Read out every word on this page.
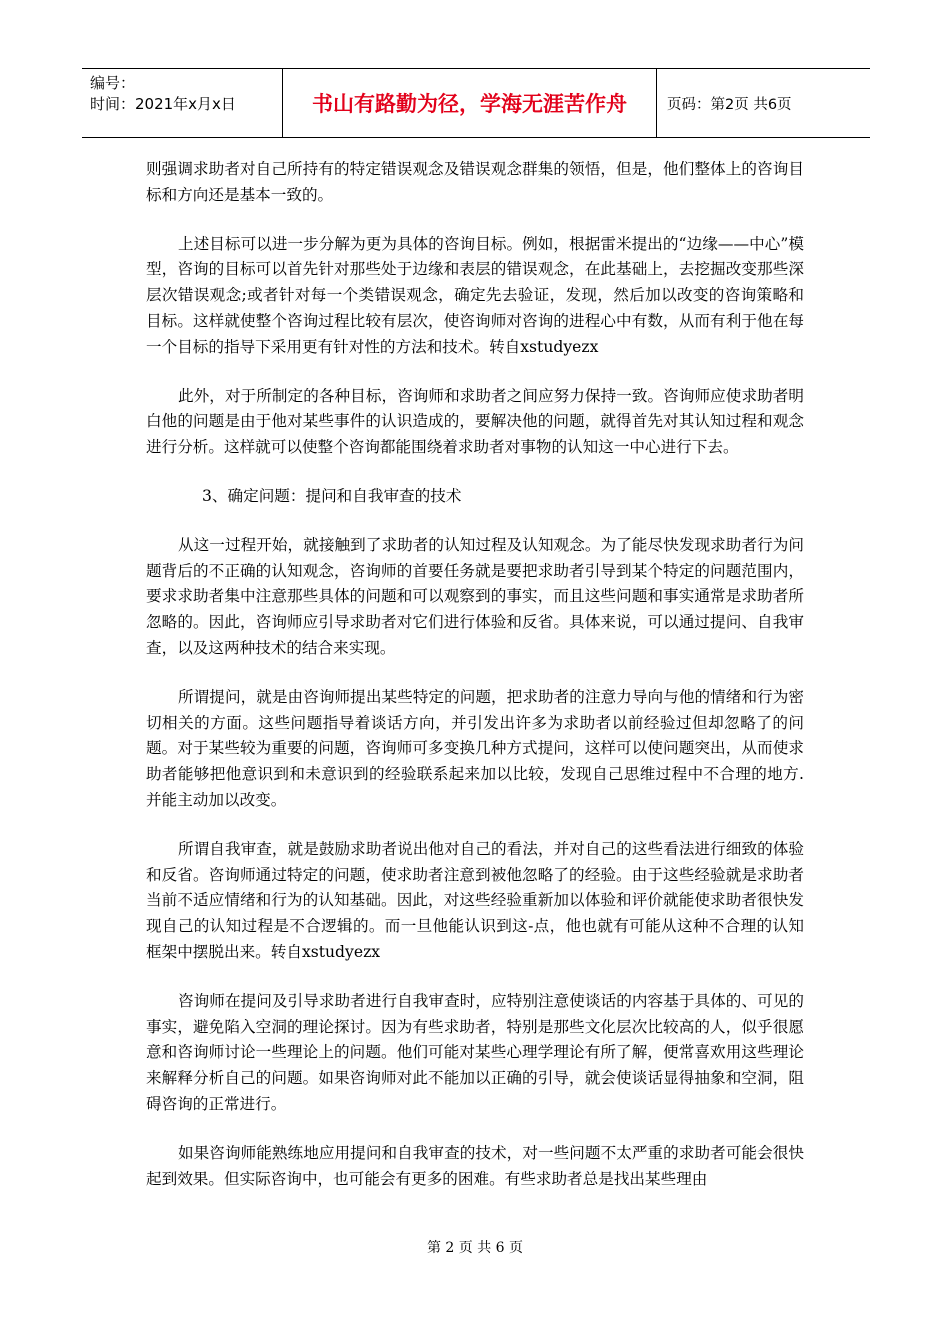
编号：
时间：2021年x月x日	书山有路勤为径，学海无涯苦作舟	页码：第2页 共6页

则强调求助者对自己所持有的特定错误观念及错误观念群集的领悟，但是，他们整体上的咨询目标和方向还是基本一致的。

上述目标可以进一步分解为更为具体的咨询目标。例如，根据雷米提出的“边缘——中心”模型，咨询的目标可以首先针对那些处于边缘和表层的错误观念，在此基础上，去挖掘改变那些深层次错误观念;或者针对每一个类错误观念，确定先去验证，发现，然后加以改变的咨询策略和目标。这样就使整个咨询过程比较有层次，使咨询师对咨询的进程心中有数，从而有利于他在每一个目标的指导下采用更有针对性的方法和技术。转自xstudyezx

此外，对于所制定的各种目标，咨询师和求助者之间应努力保持一致。咨询师应使求助者明白他的问题是由于他对某些事件的认识造成的，要解决他的问题，就得首先对其认知过程和观念进行分析。这样就可以使整个咨询都能围绕着求助者对事物的认知这一中心进行下去。

3、确定问题：提问和自我审查的技术

从这一过程开始，就接触到了求助者的认知过程及认知观念。为了能尽快发现求助者行为问题背后的不正确的认知观念，咨询师的首要任务就是要把求助者引导到某个特定的问题范围内，要求求助者集中注意那些具体的问题和可以观察到的事实，而且这些问题和事实通常是求助者所忽略的。因此，咨询师应引导求助者对它们进行体验和反省。具体来说，可以通过提问、自我审查，以及这两种技术的结合来实现。

所谓提问，就是由咨询师提出某些特定的问题，把求助者的注意力导向与他的情绪和行为密切相关的方面。这些问题指导着谈话方向，并引发出许多为求助者以前经验过但却忽略了的问题。对于某些较为重要的问题，咨询师可多变换几种方式提问，这样可以使问题突出，从而使求助者能够把他意识到和未意识到的经验联系起来加以比较，发现自己思维过程中不合理的地方.并能主动加以改变。

所谓自我审查，就是鼓励求助者说出他对自己的看法，并对自己的这些看法进行细致的体验和反省。咨询师通过特定的问题，使求助者注意到被他忽略了的经验。由于这些经验就是求助者当前不适应情绪和行为的认知基础。因此，对这些经验重新加以体验和评价就能使求助者很快发现自己的认知过程是不合逻辑的。而一旦他能认识到这-点，他也就有可能从这种不合理的认知框架中摆脱出来。转自xstudyezx

咨询师在提问及引导求助者进行自我审查时，应特别注意使谈话的内容基于具体的、可见的事实，避免陷入空洞的理论探讨。因为有些求助者，特别是那些文化层次比较高的人，似乎很愿意和咨询师讨论一些理论上的问题。他们可能对某些心理学理论有所了解，便常喜欢用这些理论来解释分析自己的问题。如果咨询师对此不能加以正确的引导，就会使谈话显得抽象和空洞，阻碍咨询的正常进行。

如果咨询师能熟练地应用提问和自我审查的技术，对一些问题不太严重的求助者可能会很快起到效果。但实际咨询中，也可能会有更多的困难。有些求助者总是找出某些理由

第 2 页 共 6 页
